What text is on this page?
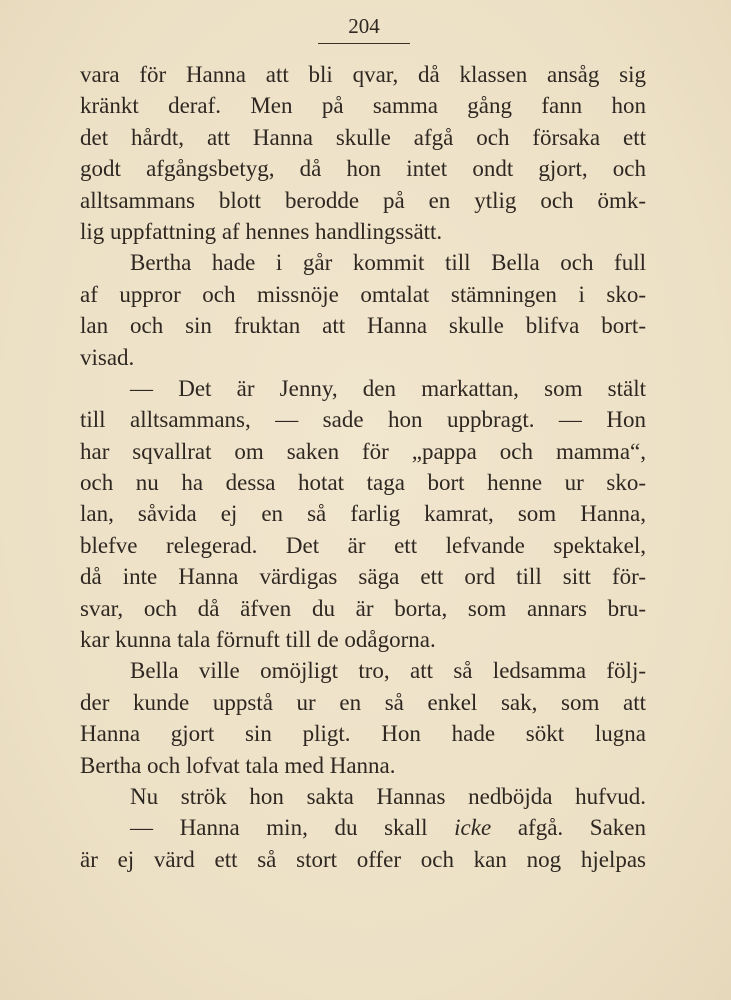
204
vara för Hanna att bli qvar, då klassen ansåg sig
kränkt deraf. Men på samma gång fann hon
det hårdt, att Hanna skulle afgå och försaka ett
godt afgångsbetyg, då hon intet ondt gjort, och
alltsammans blott berodde på en ytlig och ömk-
lig uppfattning af hennes handlingssätt.
Bertha hade i går kommit till Bella och full
af uppror och missnöje omtalat stämningen i sko-
lan och sin fruktan att Hanna skulle blifva bort-
visad.
— Det är Jenny, den markattan, som stält
till alltsammans, — sade hon uppbragt. — Hon
har sqvallrat om saken för „pappa och mamma“,
och nu ha dessa hotat taga bort henne ur sko-
lan, såvida ej en så farlig kamrat, som Hanna,
blefve relegerad. Det är ett lefvande spektakel,
då inte Hanna värdigas säga ett ord till sitt för-
svar, och då äfven du är borta, som annars bru-
kar kunna tala förnuft till de odågorna.
Bella ville omöjligt tro, att så ledsamma följ-
der kunde uppstå ur en så enkel sak, som att
Hanna gjort sin pligt. Hon hade sökt lugna
Bertha och lofvat tala med Hanna.
Nu strök hon sakta Hannas nedböjda hufvud.
— Hanna min, du skall icke afgå. Saken
är ej värd ett så stort offer och kan nog hjelpas
